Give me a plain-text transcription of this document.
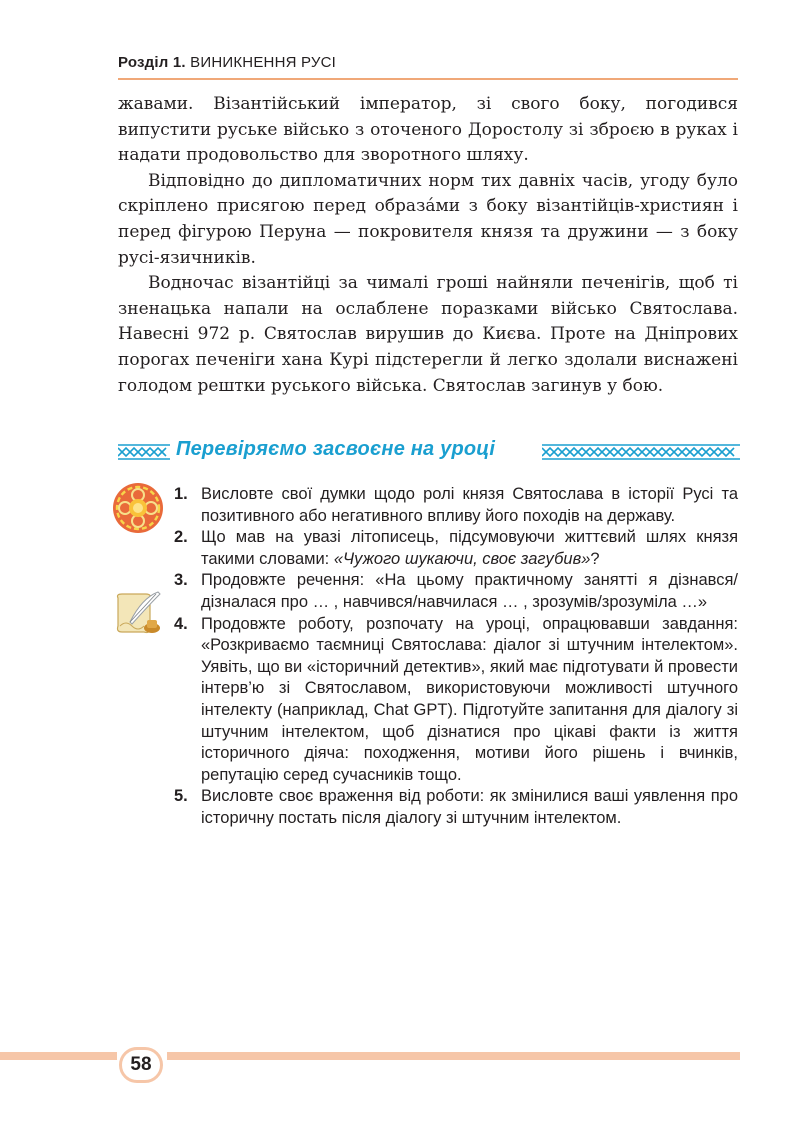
Розділ 1. ВИНИКНЕННЯ РУСІ

жавами. Візантійський імператор, зі свого боку, погодився випустити руське військо з оточеного Доростолу зі зброєю в руках і надати продовольство для зворотного шляху.

Відповідно до дипломатичних норм тих давніх часів, угоду було скріплено присягою перед образáми з боку візантійців-християн і перед фігурою Перуна — покровителя князя та дружини — з боку русі-язичників.

Водночас візантійці за чималі гроші найняли печенігів, щоб ті зненацька напали на ослаблене поразками військо Святослава. Навесні 972 р. Святослав вирушив до Києва. Проте на Дніпрових порогах печеніги хана Курі підстерегли й легко здолали виснажені голодом рештки руського війська. Святослав загинув у бою.

Перевіряємо засвоєне на уроці
1. Висловте свої думки щодо ролі князя Святослава в історії Русі та позитивного або негативного впливу його походів на державу.
2. Що мав на увазі літописець, підсумовуючи життєвий шлях князя такими словами: «Чужого шукаючи, своє загубив»?
3. Продовжте речення: «На цьому практичному занятті я дізнався/дізналася про … , навчився/навчилася … , зрозумів/зрозуміла …»
4. Продовжте роботу, розпочату на уроці, опрацювавши завдання: «Розкриваємо таємниці Святослава: діалог зі штучним інтелектом». Уявіть, що ви «історичний детектив», який має підготувати й провести інтерв’ю зі Святославом, використовуючи можливості штучного інтелекту (наприклад, Chat GPT). Підготуйте запитання для діалогу зі штучним інтелектом, щоб дізнатися про цікаві факти із життя історичного діяча: походження, мотиви його рішень і вчинків, репутацію серед сучасників тощо.
5. Висловте своє враження від роботи: як змінилися ваші уявлення про історичну постать після діалогу зі штучним інтелектом.
58
